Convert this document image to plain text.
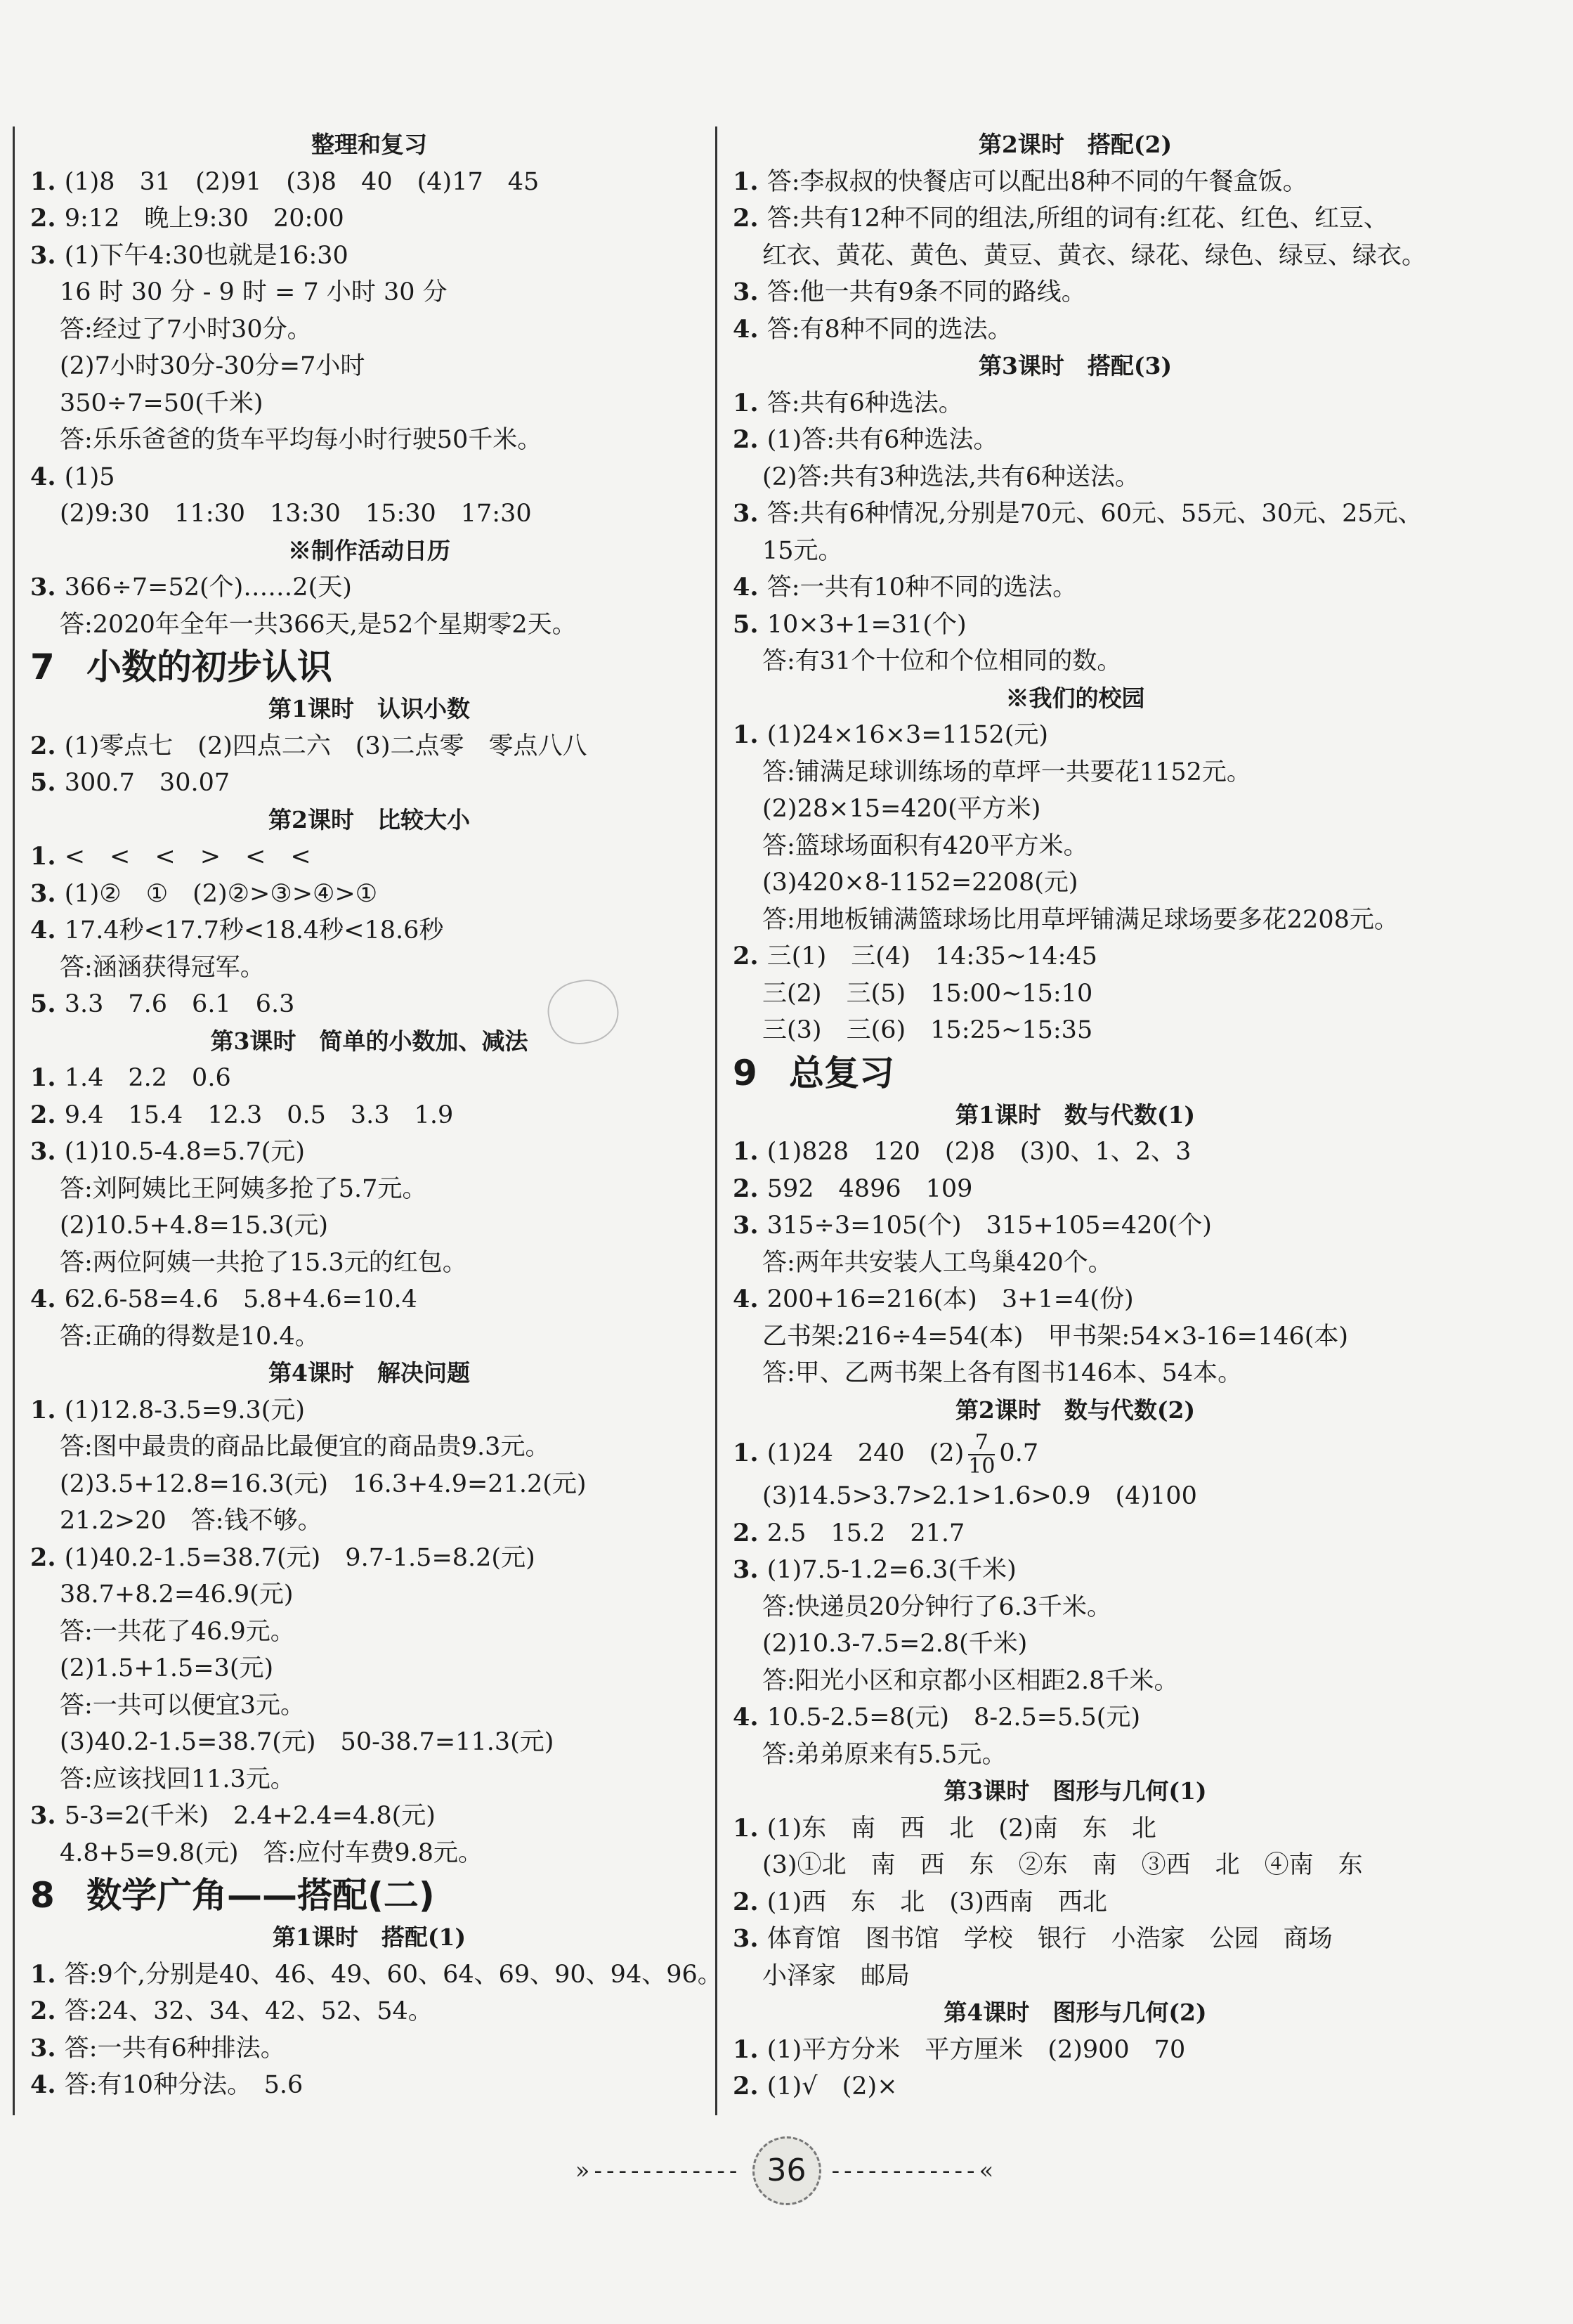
整理和复习
1. (1)8　31　(2)91　(3)8　40　(4)17　45
2. 9:12　晚上9:30　20:00
3. (1)下午4:30也就是16:30
16 时 30 分 - 9 时 = 7 小时 30 分
答:经过了7小时30分。
(2)7小时30分-30分=7小时
350÷7=50(千米)
答:乐乐爸爸的货车平均每小时行驶50千米。
4. (1)5
(2)9:30　11:30　13:30　15:30　17:30
※制作活动日历
3. 366÷7=52(个)……2(天)
答:2020年全年一共366天,是52个星期零2天。
7 小数的初步认识
第1课时　认识小数
2. (1)零点七　(2)四点二六　(3)二点零　零点八八
5. 300.7　30.07
第2课时　比较大小
1. <　<　<　>　<　<
3. (1)②　①　(2)②>③>④>①
4. 17.4秒<17.7秒<18.4秒<18.6秒
答:涵涵获得冠军。
5. 3.3　7.6　6.1　6.3
第3课时　简单的小数加、减法
1. 1.4　2.2　0.6
2. 9.4　15.4　12.3　0.5　3.3　1.9
3. (1)10.5-4.8=5.7(元)
答:刘阿姨比王阿姨多抢了5.7元。
(2)10.5+4.8=15.3(元)
答:两位阿姨一共抢了15.3元的红包。
4. 62.6-58=4.6　5.8+4.6=10.4
答:正确的得数是10.4。
第4课时　解决问题
1. (1)12.8-3.5=9.3(元)
答:图中最贵的商品比最便宜的商品贵9.3元。
(2)3.5+12.8=16.3(元)　16.3+4.9=21.2(元)
21.2>20　答:钱不够。
2. (1)40.2-1.5=38.7(元)　9.7-1.5=8.2(元)
38.7+8.2=46.9(元)
答:一共花了46.9元。
(2)1.5+1.5=3(元)
答:一共可以便宜3元。
(3)40.2-1.5=38.7(元)　50-38.7=11.3(元)
答:应该找回11.3元。
3. 5-3=2(千米)　2.4+2.4=4.8(元)
4.8+5=9.8(元)　答:应付车费9.8元。
8 数学广角——搭配(二)
第1课时　搭配(1)
1. 答:9个,分别是40、46、49、60、64、69、90、94、96。
2. 答:24、32、34、42、52、54。
3. 答:一共有6种排法。
4. 答:有10种分法。　5.6
第2课时　搭配(2)
1. 答:李叔叔的快餐店可以配出8种不同的午餐盒饭。
2. 答:共有12种不同的组法,所组的词有:红花、红色、红豆、
红衣、黄花、黄色、黄豆、黄衣、绿花、绿色、绿豆、绿衣。
3. 答:他一共有9条不同的路线。
4. 答:有8种不同的选法。
第3课时　搭配(3)
1. 答:共有6种选法。
2. (1)答:共有6种选法。
(2)答:共有3种选法,共有6种送法。
3. 答:共有6种情况,分别是70元、60元、55元、30元、25元、
15元。
4. 答:一共有10种不同的选法。
5. 10×3+1=31(个)
答:有31个十位和个位相同的数。
※我们的校园
1. (1)24×16×3=1152(元)
答:铺满足球训练场的草坪一共要花1152元。
(2)28×15=420(平方米)
答:篮球场面积有420平方米。
(3)420×8-1152=2208(元)
答:用地板铺满篮球场比用草坪铺满足球场要多花2208元。
2. 三(1)　三(4)　14:35~14:45
三(2)　三(5)　15:00~15:10
三(3)　三(6)　15:25~15:35
9 总复习
第1课时　数与代数(1)
1. (1)828　120　(2)8　(3)0、1、2、3
2. 592　4896　109
3. 315÷3=105(个)　315+105=420(个)
答:两年共安装人工鸟巢420个。
4. 200+16=216(本)　3+1=4(份)
乙书架:216÷4=54(本)　甲书架:54×3-16=146(本)
答:甲、乙两书架上各有图书146本、54本。
第2课时　数与代数(2)
1. (1)24　240　$(2) \frac{7}{10} 0.7$
(3)14.5>3.7>2.1>1.6>0.9　(4)100
2. 2.5　15.2　21.7
3. (1)7.5-1.2=6.3(千米)
答:快递员20分钟行了6.3千米。
(2)10.3-7.5=2.8(千米)
答:阳光小区和京都小区相距2.8千米。
4. 10.5-2.5=8(元)　8-2.5=5.5(元)
答:弟弟原来有5.5元。
第3课时　图形与几何(1)
1. (1)东　南　西　北　(2)南　东　北
(3)①北　南　西　东　②东　南　③西　北　④南　东
2. (1)西　东　北　(3)西南　西北
3. 体育馆　图书馆　学校　银行　小浩家　公园　商场
小泽家　邮局
第4课时　图形与几何(2)
1. (1)平方分米　平方厘米　(2)900　70
2. (1)√　(2)×
»------------ 36 ------------«
